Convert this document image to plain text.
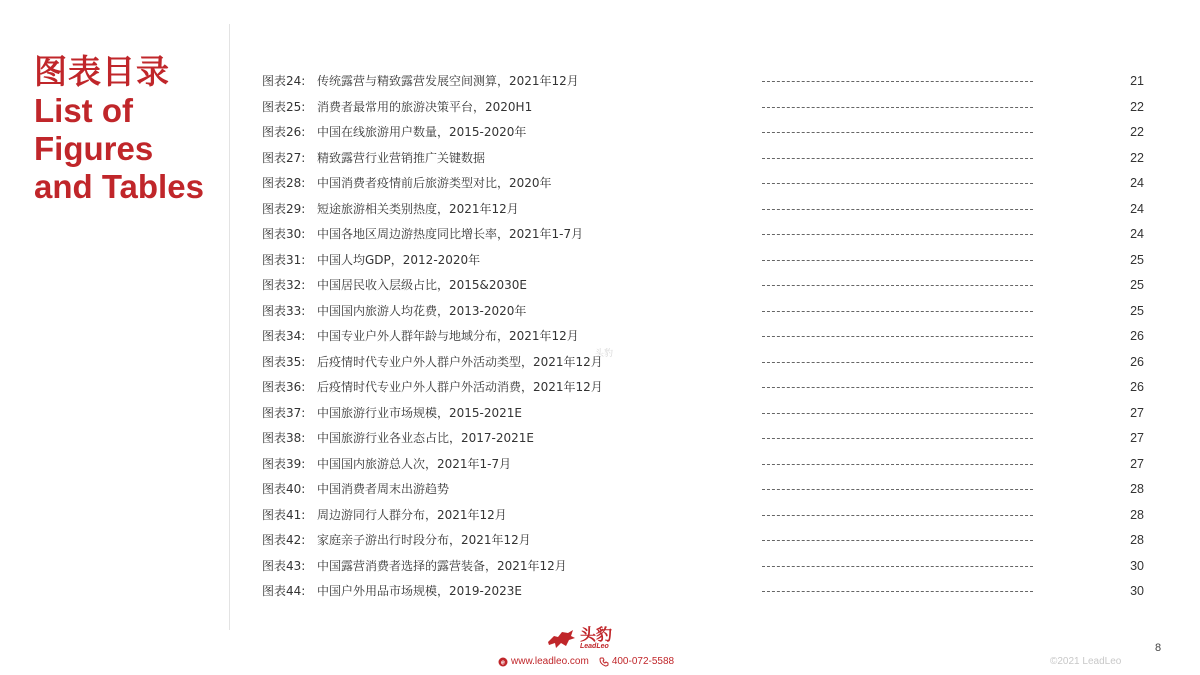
图表目录
List of
Figures
and Tables
图表24: 传统露营与精致露营发展空间测算，2021年12月	21
图表25: 消费者最常用的旅游决策平台，2020H1	22
图表26: 中国在线旅游用户数量，2015-2020年	22
图表27: 精致露营行业营销推广关键数据	22
图表28: 中国消费者疫情前后旅游类型对比，2020年	24
图表29: 短途旅游相关类别热度，2021年12月	24
图表30: 中国各地区周边游热度同比增长率，2021年1-7月	24
图表31: 中国人均GDP，2012-2020年	25
图表32: 中国居民收入层级占比，2015&2030E	25
图表33: 中国国内旅游人均花费，2013-2020年	25
图表34: 中国专业户外人群年龄与地域分布，2021年12月	26
图表35: 后疫情时代专业户外人群户外活动类型，2021年12月	26
图表36: 后疫情时代专业户外人群户外活动消费，2021年12月	26
图表37: 中国旅游行业市场规模，2015-2021E	27
图表38: 中国旅游行业各业态占比，2017-2021E	27
图表39: 中国国内旅游总人次，2021年1-7月	27
图表40: 中国消费者周末出游趋势	28
图表41: 周边游同行人群分布，2021年12月	28
图表42: 家庭亲子游出行时段分布，2021年12月	28
图表43: 中国露营消费者选择的露营装备，2021年12月	30
图表44: 中国户外用品市场规模，2019-2023E	30
头豹
头豹
LeadLeo
e www.leadleo.com 400-072-5588	©2021 LeadLeo
8
